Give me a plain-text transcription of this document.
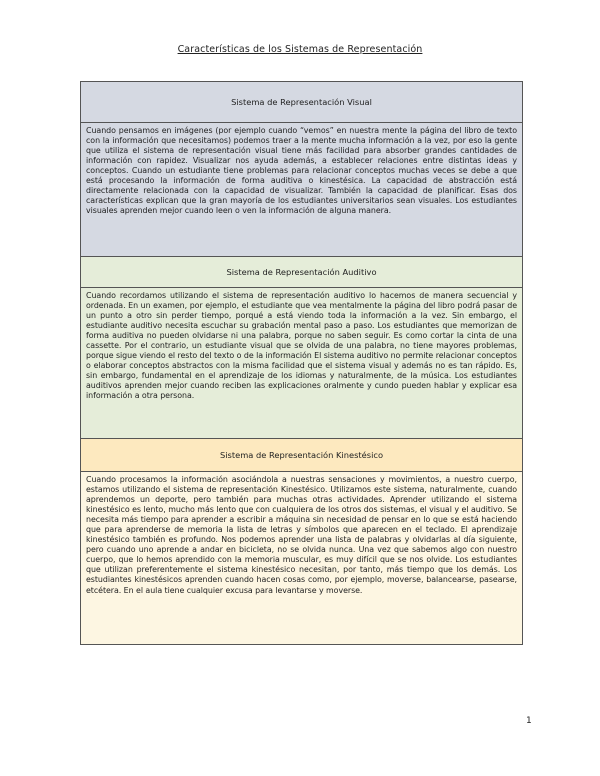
Características de los Sistemas de Representación
Sistema de Representación Visual
Cuando pensamos en imágenes (por ejemplo cuando “vemos” en nuestra mente la página del libro de texto con la información que necesitamos) podemos traer a la mente mucha información a la vez, por eso la gente que utiliza el sistema de representación visual tiene más facilidad para absorber grandes cantidades de información con rapidez. Visualizar nos ayuda además, a establecer relaciones entre distintas ideas y conceptos. Cuando un estudiante tiene problemas para relacionar conceptos muchas veces se debe a que está procesando la información de forma auditiva o kinestésica. La capacidad de abstracción está directamente relacionada con la capacidad de visualizar. También la capacidad de planificar. Esas dos características explican que la gran mayoría de los estudiantes universitarios sean visuales. Los estudiantes visuales aprenden mejor cuando leen o ven la información de alguna manera.
Sistema de Representación Auditivo
Cuando recordamos utilizando el sistema de representación auditivo lo hacemos de manera secuencial y ordenada. En un examen, por ejemplo, el estudiante que vea mentalmente la página del libro podrá pasar de un punto a otro sin perder tiempo, porqué a está viendo toda la información a la vez. Sin embargo, el estudiante auditivo necesita escuchar su grabación mental paso a paso. Los estudiantes que memorizan de forma auditiva no pueden olvidarse ni una palabra, porque no saben seguir. Es como cortar la cinta de una cassette. Por el contrario, un estudiante visual que se olvida de una palabra, no tiene mayores problemas, porque sigue viendo el resto del texto o de la información El sistema auditivo no permite relacionar conceptos o elaborar conceptos abstractos con la misma facilidad que el sistema visual y además no es tan rápido. Es, sin embargo, fundamental en el aprendizaje de los idiomas y naturalmente, de la música. Los estudiantes auditivos aprenden mejor cuando reciben las explicaciones oralmente y cundo pueden hablar y explicar esa información a otra persona.
Sistema de Representación Kinestésico
Cuando procesamos la información asociándola a nuestras sensaciones y movimientos, a nuestro cuerpo, estamos utilizando el sistema de representación Kinestésico. Utilizamos este sistema, naturalmente, cuando aprendemos un deporte, pero también para muchas otras actividades. Aprender utilizando el sistema kinestésico es lento, mucho más lento que con cualquiera de los otros dos sistemas, el visual y el auditivo. Se necesita más tiempo para aprender a escribir a máquina sin necesidad de pensar en lo que se está haciendo que para aprenderse de memoria la lista de letras y símbolos que aparecen en el teclado. El aprendizaje kinestésico también es profundo. Nos podemos aprender una lista de palabras y olvidarlas al día siguiente, pero cuando uno aprende a andar en bicicleta, no se olvida nunca. Una vez que sabemos algo con nuestro cuerpo, que lo hemos aprendido con la memoria muscular, es muy difícil que se nos olvide. Los estudiantes que utilizan preferentemente el sistema kinestésico necesitan, por tanto, más tiempo que los demás. Los estudiantes kinestésicos aprenden cuando hacen cosas como, por ejemplo, moverse, balancearse, pasearse, etcétera. En el aula tiene cualquier excusa para levantarse y moverse.
1
